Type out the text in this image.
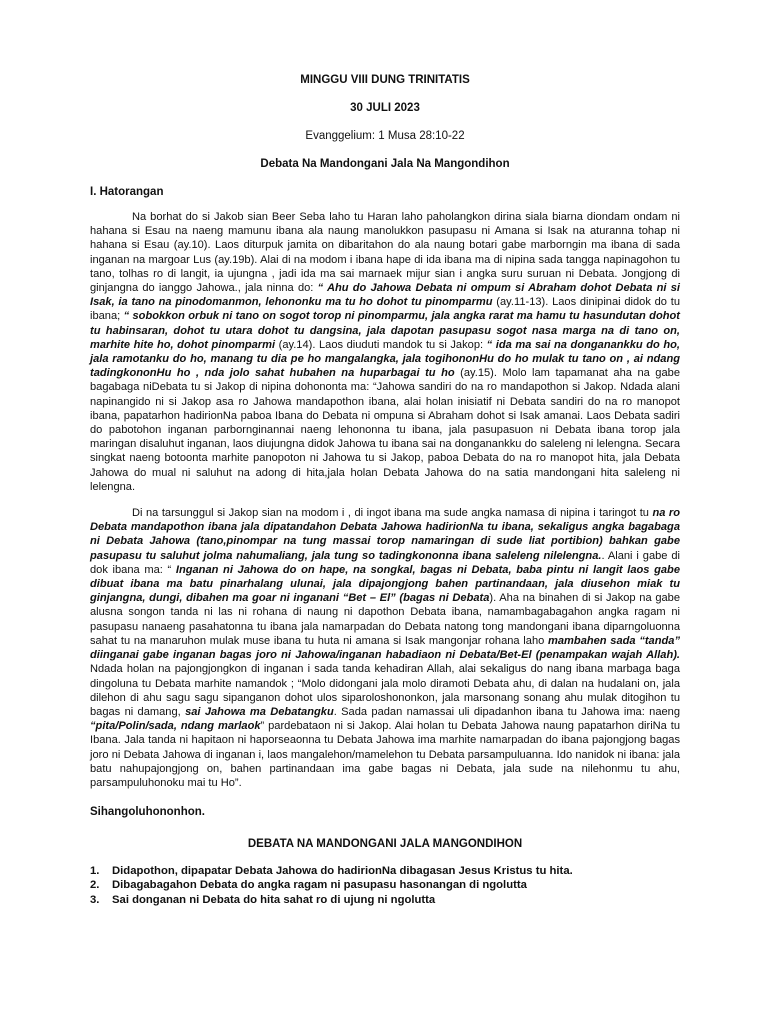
MINGGU VIII DUNG TRINITATIS

30 JULI 2023

Evanggelium: 1 Musa 28:10-22

Debata Na Mandongani Jala Na Mangondihon

I. Hatorangan

Na borhat do si Jakob sian Beer Seba laho tu Haran laho paholangkon dirina siala biarna diondam ondam ni hahana si Esau na naeng mamunu ibana ala naung manolukkon pasupasu ni Amana si Isak na aturanna tohap ni hahana si Esau (ay.10). Laos diturpuk jamita on dibaritahon do ala naung botari gabe marborngin ma ibana di sada inganan na margoar Lus (ay.19b). Alai di na modom i ibana hape di ida ibana ma di nipina sada tangga napinagohon tu tano, tolhas ro di langit, ia ujungna , jadi ida ma sai marnaek mijur sian i angka suru suruan ni Debata. Jongjong di ginjangna do ianggo Jahowa., jala ninna do: “ Ahu do Jahowa Debata ni ompum si Abraham dohot Debata ni si Isak, ia tano na pinodomanmon, lehononku ma tu ho dohot tu pinomparmu (ay.11-13). Laos dinipinai didok do tu ibana; “ sobokkon orbuk ni tano on sogot torop ni pinomparmu, jala angka rarat ma hamu tu hasundutan dohot tu habinsaran, dohot tu utara dohot tu dangsina, jala dapotan pasupasu sogot nasa marga na di tano on, marhite hite ho, dohot pinomparmi (ay.14). Laos diuduti mandok tu si Jakop: “ ida ma sai na donganankku do ho, jala ramotanku do ho, manang tu dia pe ho mangalangka, jala togihononHu do ho mulak tu tano on , ai ndang tadingkononHu ho , nda jolo sahat hubahen na huparbagai tu ho (ay.15). Molo lam tapamanat aha na gabe bagabaga niDebata tu si Jakop di nipina dohononta ma: “Jahowa sandiri do na ro mandapothon si Jakop. Ndada alani napinangido ni si Jakop asa ro Jahowa mandapothon ibana, alai holan inisiatif ni Debata sandiri do na ro manopot ibana, papatarhon hadirionNa paboa Ibana do Debata ni ompuna si Abraham dohot si Isak amanai. Laos Debata sadiri do pabotohon inganan parbornginannai naeng lehononna tu ibana, jala pasupasuon ni Debata ibana torop jala maringan disaluhut inganan, laos diujungna didok Jahowa tu ibana sai na donganankku do saleleng ni lelengna. Secara singkat naeng botoonta marhite panopoton ni Jahowa tu si Jakop, paboa Debata do na ro manopot hita, jala Debata Jahowa do mual ni saluhut na adong di hita,jala holan Debata Jahowa do na satia mandongani hita saleleng ni lelengna.

Di na tarsunggul si Jakop sian na modom i , di ingot ibana ma sude angka namasa di nipina i taringot tu na ro Debata mandapothon ibana jala dipatandahon Debata Jahowa hadirionNa tu ibana, sekaligus angka bagabaga ni Debata Jahowa (tano,pinompar na tung massai torop namaringan di sude liat portibion) bahkan gabe pasupasu tu saluhut jolma nahumaliang, jala tung so tadingkononna ibana saleleng nilelengna.. Alani i gabe di dok ibana ma: “ Inganan ni Jahowa do on hape, na songkal, bagas ni Debata, baba pintu ni langit laos gabe dibuat ibana ma batu pinarhalang ulunai, jala dipajongjong bahen partinandaan, jala diusehon miak tu ginjangna, dungi, dibahen ma goar ni inganani “Bet – El” (bagas ni Debata). Aha na binahen di si Jakop na gabe alusna songon tanda ni las ni rohana di naung ni dapothon Debata ibana, namambagabagahon angka ragam ni pasupasu nanaeng pasahatonna tu ibana jala namarpadan do Debata natong tong mandongani ibana diparngoluonna sahat tu na manaruhon mulak muse ibana tu huta ni amana si Isak mangonjar rohana laho mambahen sada “tanda” diinganai gabe inganan bagas joro ni Jahowa/inganan habadiaon ni Debata/Bet-El (penampakan wajah Allah). Ndada holan na pajongjongkon di inganan i sada tanda kehadiran Allah, alai sekaligus do nang ibana marbaga baga dingoluna tu Debata marhite namandok ; “Molo didongani jala molo diramoti Debata ahu, di dalan na hudalani on, jala dilehon di ahu sagu sagu sipanganon dohot ulos siparoloshononkon, jala marsonang sonang ahu mulak ditogihon tu bagas ni damang, sai Jahowa ma Debatangku. Sada padan namassai uli dipadanhon ibana tu Jahowa ima: naeng “pita/Polin/sada, ndang marlaok” pardebataon ni si Jakop. Alai holan tu Debata Jahowa naung papatarhon diriNa tu Ibana. Jala tanda ni hapitaon ni haporseaonna tu Debata Jahowa ima marhite namarpadan do ibana pajongjong bagas joro ni Debata Jahowa di inganan i, laos mangalehon/mamelehon tu Debata parsampuluanna. Ido nanidok ni ibana: jala batu nahupajongjong on, bahen partinandaan ima gabe bagas ni Debata, jala sude na nilehonmu tu ahu, parsampuluhonoku mai tu Ho”.

Sihangoluhononhon.

DEBATA NA MANDONGANI JALA MANGONDIHON

1.	Didapothon, dipapatar Debata Jahowa do hadirionNa dibagasan Jesus Kristus tu hita.
2.	Dibagabagahon Debata do angka ragam ni pasupasu hasonangan di ngolutta
3.	Sai donganan ni Debata do hita sahat ro di ujung ni ngolutta
